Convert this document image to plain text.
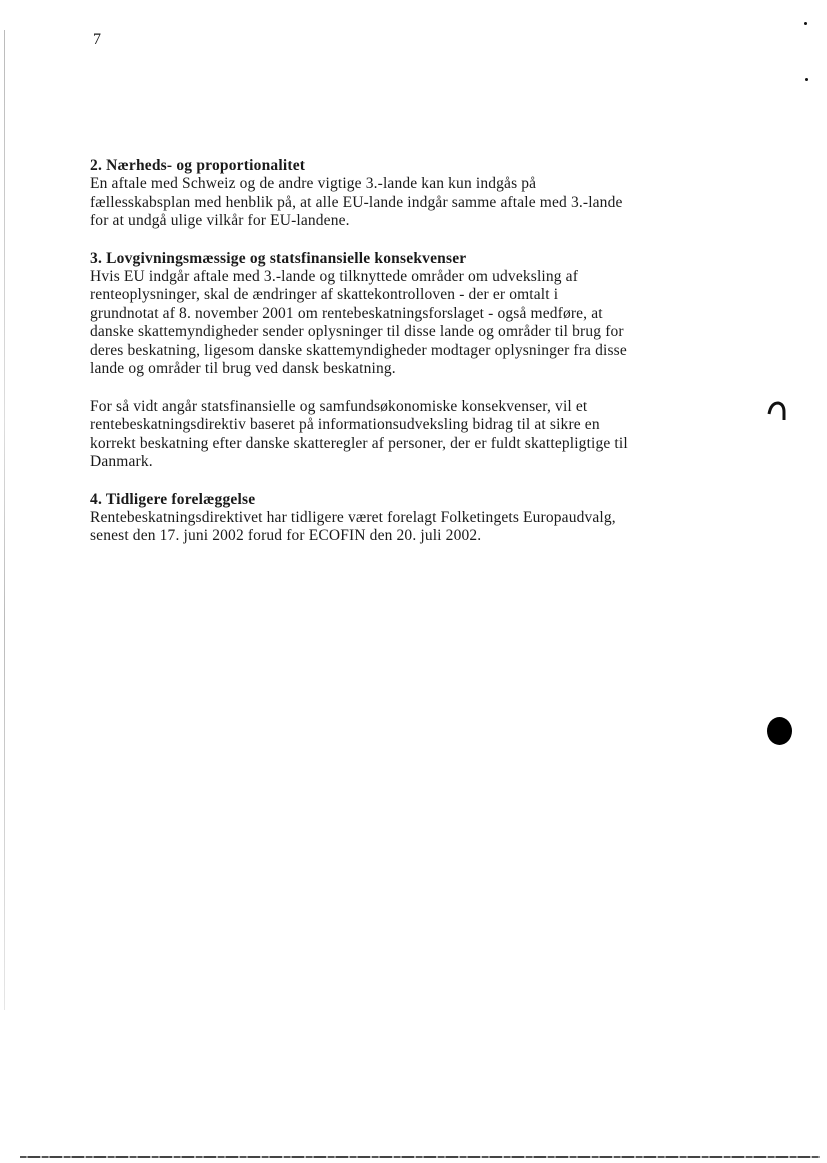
7
2. Nærheds- og proportionalitet

En aftale med Schweiz og de andre vigtige 3.-lande kan kun indgås på fællesskabsplan med henblik på, at alle EU-lande indgår samme aftale med 3.-lande for at undgå ulige vilkår for EU-landene.

3. Lovgivningsmæssige og statsfinansielle konsekvenser

Hvis EU indgår aftale med 3.-lande og tilknyttede områder om udveksling af renteoplysninger, skal de ændringer af skattekontrolloven - der er omtalt i grundnotat af 8. november 2001 om rentebeskatningsforslaget - også medføre, at danske skattemyndigheder sender oplysninger til disse lande og områder til brug for deres beskatning, ligesom danske skattemyndigheder modtager oplysninger fra disse lande og områder til brug ved dansk beskatning.

For så vidt angår statsfinansielle og samfundsøkonomiske konsekvenser, vil et rentebeskatningsdirektiv baseret på informationsudveksling bidrag til at sikre en korrekt beskatning efter danske skatteregler af personer, der er fuldt skattepligtige til Danmark.

4. Tidligere forelæggelse

Rentebeskatningsdirektivet har tidligere været forelagt Folketingets Europaudvalg, senest den 17. juni 2002 forud for ECOFIN den 20. juli 2002.
